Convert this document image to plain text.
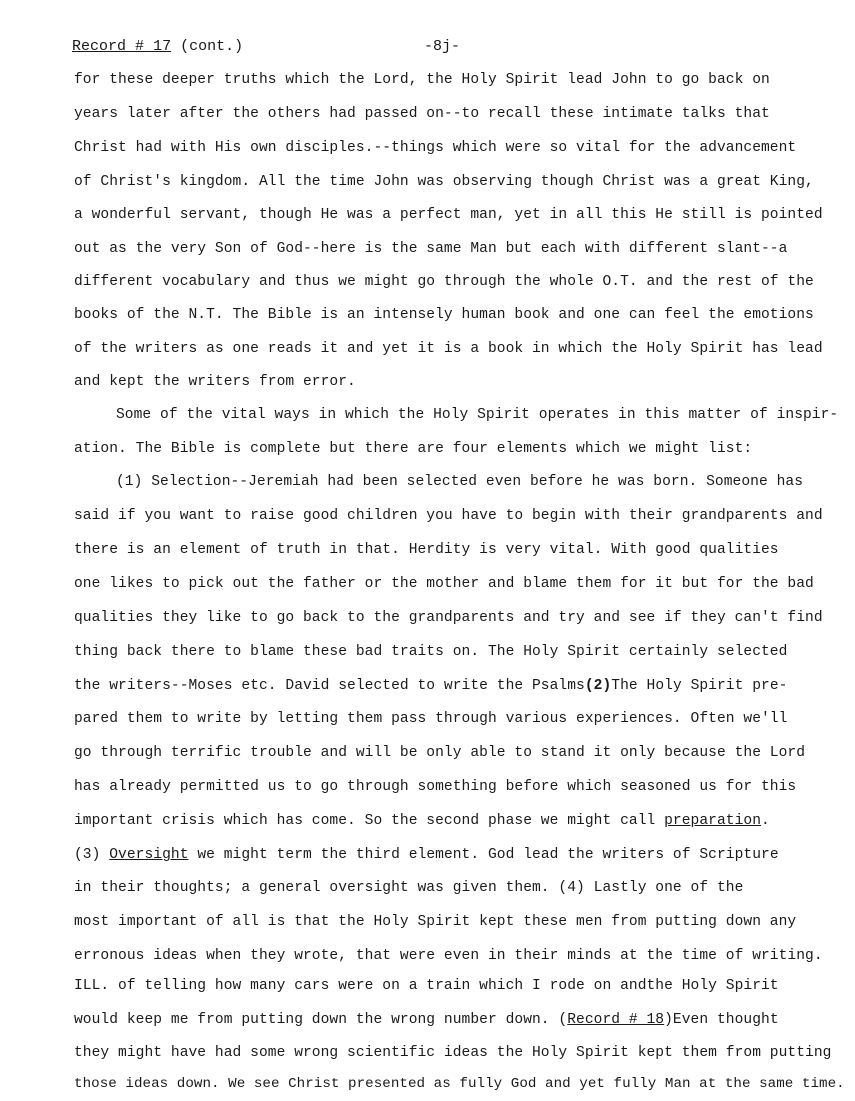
Record # 17 (cont.)	-8j-
for these deeper truths which the Lord, the Holy Spirit lead John to go back on
years later after the others had passed on--to recall these intimate talks that
Christ had with His own disciples.--things which were so vital for the advancement
of Christ's kingdom. All the time John was observing though Christ was a great King,
a wonderful servant, though He was a perfect man, yet in all this He still is pointed
out as the very Son of God--here is the same Man but each with different slant--a
different vocabulary and thus we might go through the whole O.T. and the rest of the
books of the N.T. The Bible is an intensely human book and one can feel the emotions
of the writers as one reads it and yet it is a book in which the Holy Spirit has lead
and kept the writers from error.
Some of the vital ways in which the Holy Spirit operates in this matter of inspir-
ation. The Bible is complete but there are four elements which we might list:
(1) Selection--Jeremiah had been selected even before he was born. Someone has
said if you want to raise good children you have to begin with their grandparents and
there is an element of truth in that. Herdity is very vital. With good qualities
one likes to pick out the father or the mother and blame them for it but for the bad
qualities they like to go back to the grandparents and try and see if they can't find
thing back there to blame these bad traits on. The Holy Spirit certainly selected
the writers--Moses etc. David selected to write the Psalms(2)The Holy Spirit pre-
pared them to write by letting them pass through various experiences. Often we'll
go through terrific trouble and will be only able to stand it only because the Lord
has already permitted us to go through something before which seasoned us for this
important crisis which has come. So the second phase we might call preparation.
(3) Oversight we might term the third element. God lead the writers of Scripture
in their thoughts; a general oversight was given them. (4) Lastly one of the
most important of all is that the Holy Spirit kept these men from putting down any
erronous ideas when they wrote, that were even in their minds at the time of writing.
ILL. of telling how many cars were on a train which I rode on andthe Holy Spirit
would keep me from putting down the wrong number down. (Record # 18)Even thought
they might have had some wrong scientific ideas the Holy Spirit kept them from putting
those ideas down. We see Christ presented as fully God and yet fully Man at the same time.
